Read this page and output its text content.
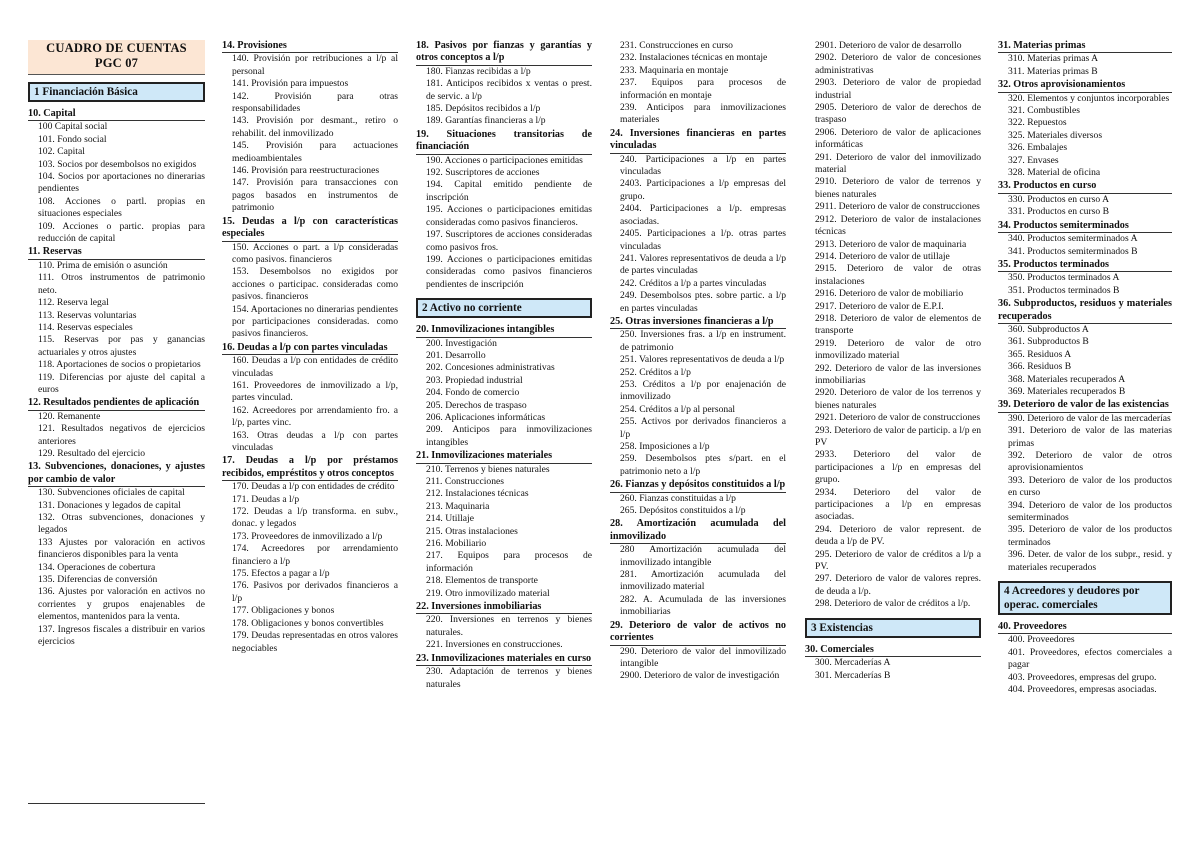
CUADRO DE CUENTAS
PGC 07
1 Financiación Básica
10. Capital
100 Capital social
101. Fondo social
102. Capital
103. Socios por desembolsos no exigidos
104. Socios por aportaciones no dinerarias pendientes
108. Acciones o partl. propias en situaciones especiales
109. Acciones o partic. propias para reducción de capital
11. Reservas
110. Prima de emisión o asunción
111. Otros instrumentos de patrimonio neto.
112. Reserva legal
113. Reservas voluntarias
114. Reservas especiales
115. Reservas por pas y ganancias actuariales y otros ajustes
118. Aportaciones de socios o propietarios
119. Diferencias por ajuste del capital a euros
12. Resultados pendientes de aplicación
120. Remanente
121. Resultados negativos de ejercicios anteriores
129. Resultado del ejercicio
13. Subvenciones, donaciones, y ajustes por cambio de valor
130. Subvenciones oficiales de capital
131. Donaciones y legados de capital
132. Otras subvenciones, donaciones y legados
133 Ajustes por valoración en activos financieros disponibles para la venta
134. Operaciones de cobertura
135. Diferencias de conversión
136. Ajustes por valoración en activos no corrientes y grupos enajenables de elementos, mantenidos para la venta.
137. Ingresos fiscales a distribuir en varios ejercicios
14. Provisiones
140. Provisión por retribuciones a l/p al personal
141. Provisión para impuestos
142. Provisión para otras responsabilidades
143. Provisión por desmant., retiro o rehabilit. del inmovilizado
145. Provisión para actuaciones medioambientales
146. Provisión para reestructuraciones
147. Provisión para transacciones con pagos basados en instrumentos de patrimonio
15. Deudas a l/p con características especiales
150. Acciones o part. a l/p consideradas como pasivos. financieros
153. Desembolsos no exigidos por acciones o participac. consideradas como pasivos. financieros
154. Aportaciones no dinerarias pendientes por participaciones consideradas. como pasivos financieros.
16. Deudas a l/p con partes vinculadas
160. Deudas a l/p con entidades de crédito vinculadas
161. Proveedores de inmovilizado a l/p, partes vinculad.
162. Acreedores por arrendamiento fro. a l/p, partes vinc.
163. Otras deudas a l/p con partes vinculadas
17. Deudas a l/p por préstamos recibidos, empréstitos y otros conceptos
170. Deudas a l/p con entidades de crédito
171. Deudas a l/p
172. Deudas a l/p transforma. en subv., donac. y legados
173. Proveedores de inmovilizado a l/p
174. Acreedores por arrendamiento financiero a l/p
175. Efectos a pagar a l/p
176. Pasivos por derivados financieros a l/p
177. Obligaciones y bonos
178. Obligaciones y bonos convertibles
179. Deudas representadas en otros valores negociables
18. Pasivos por fianzas y garantías y otros conceptos a l/p
180. Fianzas recibidas a l/p
181. Anticipos recibidos x ventas o prest. de servic. a l/p
185. Depósitos recibidos a l/p
189. Garantías financieras a l/p
19. Situaciones transitorias de financiación
190. Acciones o participaciones emitidas
192. Suscriptores de acciones
194. Capital emitido pendiente de inscripción
195. Acciones o participaciones emitidas consideradas como pasivos financieros.
197. Suscriptores de acciones consideradas como pasivos fros.
199. Acciones o participaciones emitidas consideradas como pasivos financieros pendientes de inscripción
2 Activo no corriente
20. Inmovilizaciones intangibles
200. Investigación
201. Desarrollo
202. Concesiones administrativas
203. Propiedad industrial
204. Fondo de comercio
205. Derechos de traspaso
206. Aplicaciones informáticas
209. Anticipos para inmovilizaciones intangibles
21. Inmovilizaciones materiales
210. Terrenos y bienes naturales
211. Construcciones
212. Instalaciones técnicas
213. Maquinaria
214. Utillaje
215. Otras instalaciones
216. Mobiliario
217. Equipos para procesos de información
218. Elementos de transporte
219. Otro inmovilizado material
22. Inversiones inmobiliarias
220. Inversiones en terrenos y bienes naturales.
221. Inversiones en construcciones.
23. Inmovilizaciones materiales en curso
230. Adaptación de terrenos y bienes naturales
231. Construcciones en curso
232. Instalaciones técnicas en montaje
233. Maquinaria en montaje
237. Equipos para procesos de información en montaje
239. Anticipos para inmovilizaciones materiales
24. Inversiones financieras en partes vinculadas
240. Participaciones a l/p en partes vinculadas
2403. Participaciones a l/p empresas del grupo.
2404. Participaciones a l/p. empresas asociadas.
2405. Participaciones a l/p. otras partes vinculadas
241. Valores representativos de deuda a l/p de partes vinculadas
242. Créditos a l/p a partes vinculadas
249. Desembolsos ptes. sobre partic. a l/p en partes vinculadas
25. Otras inversiones financieras a l/p
250. Inversiones fras. a l/p en instrument. de patrimonio
251. Valores representativos de deuda a l/p
252. Créditos a l/p
253. Créditos a l/p por enajenación de inmovilizado
254. Créditos a l/p al personal
255. Activos por derivados financieros a l/p
258. Imposiciones a l/p
259. Desembolsos ptes s/part. en el patrimonio neto a l/p
26. Fianzas y depósitos constituidos a l/p
260. Fianzas constituidas a l/p
265. Depósitos constituidos a l/p
28. Amortización acumulada del inmovilizado
280 Amortización acumulada del inmovilizado intangible
281. Amortización acumulada del inmovilizado material
282. A. Acumulada de las inversiones inmobiliarias
29. Deterioro de valor de activos no corrientes
290. Deterioro de valor del inmovilizado intangible
2900. Deterioro de valor de investigación
2901. Deterioro de valor de desarrollo
2902. Deterioro de valor de concesiones administrativas
2903. Deterioro de valor de propiedad industrial
2905. Deterioro de valor de derechos de traspaso
2906. Deterioro de valor de aplicaciones informáticas
291. Deterioro de valor del inmovilizado material
2910. Deterioro de valor de terrenos y bienes naturales
2911. Deterioro de valor de construcciones
2912. Deterioro de valor de instalaciones técnicas
2913. Deterioro de valor de maquinaria
2914. Deterioro de valor de utillaje
2915. Deterioro de valor de otras instalaciones
2916. Deterioro de valor de mobiliario
2917. Deterioro de valor de E.P.I.
2918. Deterioro de valor de elementos de transporte
2919. Deterioro de valor de otro inmovilizado material
292. Deterioro de valor de las inversiones inmobiliarias
2920. Deterioro de valor de los terrenos y bienes naturales
2921. Deterioro de valor de construcciones
293. Deterioro de valor de particip. a l/p en PV
2933. Deterioro del valor de participaciones a l/p en empresas del grupo.
2934. Deterioro del valor de participaciones a l/p en empresas asociadas.
294. Deterioro de valor represent. de deuda a l/p de PV.
295. Deterioro de valor de créditos a l/p a PV.
297. Deterioro de valor de valores repres. de deuda a l/p.
298. Deterioro de valor de créditos a l/p.
3 Existencias
30. Comerciales
300. Mercaderías A
301. Mercaderías B
31. Materias primas
310. Materias primas A
311. Materias primas B
32. Otros aprovisionamientos
320. Elementos y conjuntos incorporables
321. Combustibles
322. Repuestos
325. Materiales diversos
326. Embalajes
327. Envases
328. Material de oficina
33. Productos en curso
330. Productos en curso A
331. Productos en curso B
34. Productos semiterminados
340. Productos semiterminados A
341. Productos semiterminados B
35. Productos terminados
350. Productos terminados A
351. Productos terminados B
36. Subproductos, residuos y materiales recuperados
360. Subproductos A
361. Subproductos B
365. Residuos A
366. Residuos B
368. Materiales recuperados A
369. Materiales recuperados B
39. Deterioro de valor de las existencias
390. Deterioro de valor de las mercaderías
391. Deterioro de valor de las materias primas
392. Deterioro de valor de otros aprovisionamientos
393. Deterioro de valor de los productos en curso
394. Deterioro de valor de los productos semiterminados
395. Deterioro de valor de los productos terminados
396. Deter. de valor de los subpr., resid. y materiales recuperados
4 Acreedores y deudores por operac. comerciales
40. Proveedores
400. Proveedores
401. Proveedores, efectos comerciales a pagar
403. Proveedores, empresas del grupo.
404. Proveedores, empresas asociadas.
